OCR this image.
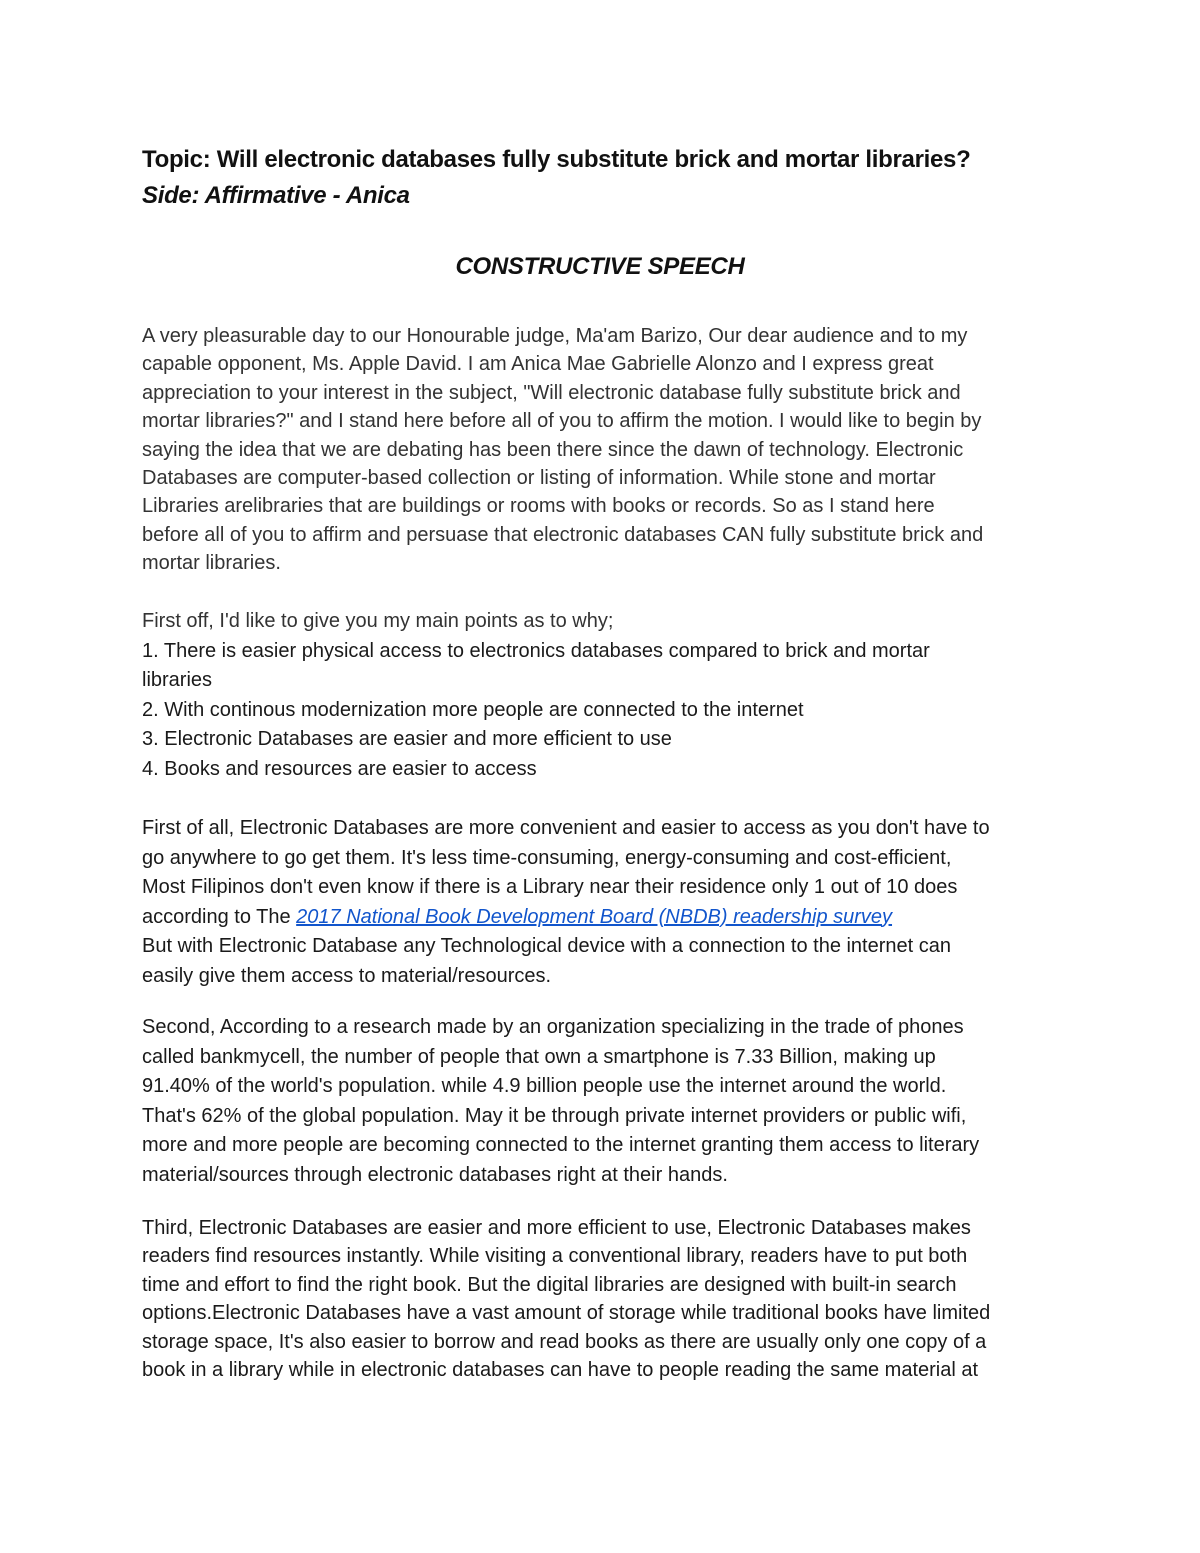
Topic: Will electronic databases fully substitute brick and mortar libraries?
Side: Affirmative - Anica
CONSTRUCTIVE SPEECH
A very pleasurable day to our Honourable judge, Ma'am Barizo, Our dear audience and to my
capable opponent, Ms. Apple David. I am Anica Mae Gabrielle Alonzo and I express great
appreciation to your interest in the subject, "Will electronic database fully substitute brick and
mortar libraries?" and I stand here before all of you to affirm the motion. I would like to begin by
saying the idea that we are debating has been there since the dawn of technology. Electronic
Databases are computer-based collection or listing of information. While stone and mortar
Libraries arelibraries that are buildings or rooms with books or records. So as I stand here
before all of you to affirm and persuase that electronic databases CAN fully substitute brick and
mortar libraries.
First off, I'd like to give you my main points as to why;
1. There is easier physical access to electronics databases compared to brick and mortar
libraries
2. With continous modernization more people are connected to the internet
3. Electronic Databases are easier and more efficient to use
4. Books and resources are easier to access
First of all, Electronic Databases are more convenient and easier to access as you don't have to
go anywhere to go get them. It's less time-consuming, energy-consuming and cost-efficient,
Most Filipinos don't even know if there is a Library near their residence only 1 out of 10 does
according to The 2017 National Book Development Board (NBDB) readership survey
But with Electronic Database any Technological device with a connection to the internet can
easily give them access to material/resources.
Second, According to a research made by an organization specializing in the trade of phones
called bankmycell, the number of people that own a smartphone is 7.33 Billion, making up
91.40% of the world's population. while 4.9 billion people use the internet around the world.
That's 62% of the global population. May it be through private internet providers or public wifi,
more and more people are becoming connected to the internet granting them access to literary
material/sources through electronic databases right at their hands.
Third, Electronic Databases are easier and more efficient to use, Electronic Databases makes
readers find resources instantly. While visiting a conventional library, readers have to put both
time and effort to find the right book. But the digital libraries are designed with built-in search
options.Electronic Databases have a vast amount of storage while traditional books have limited
storage space, It's also easier to borrow and read books as there are usually only one copy of a
book in a library while in electronic databases can have to people reading the same material at
